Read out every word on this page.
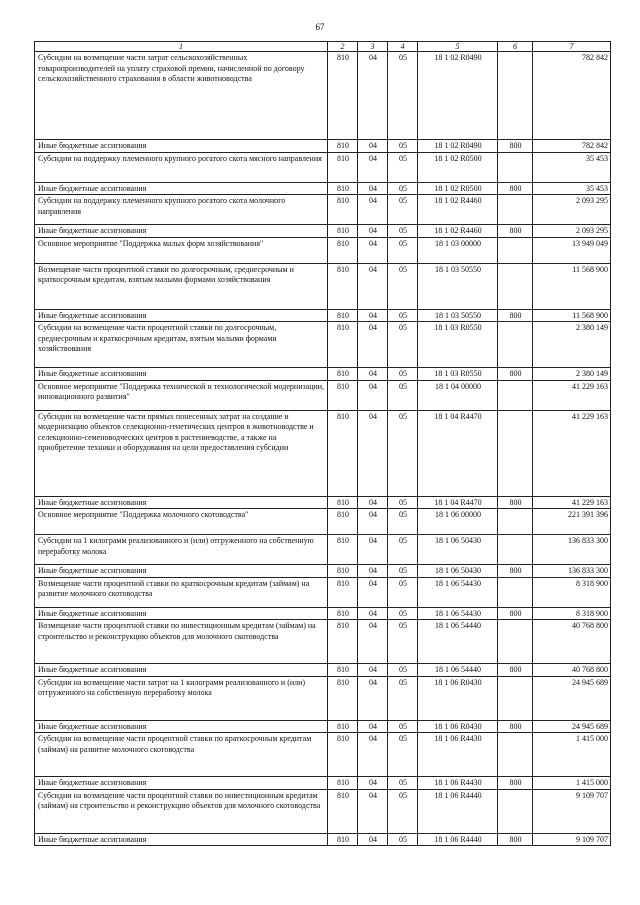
67
1	2	3	4	5	6	7
Субсидии на возмещение части затрат сельскохозяйственных товаропроизводителей на уплату страховой премии, начисленной по договору сельскохозяйственного страхования в области животноводства	810	04	05	18 1 02 R0490		782 842
Иные бюджетные ассигнования	810	04	05	18 1 02 R0490	800	782 842
Субсидии на поддержку племенного крупного рогатого скота мясного направления	810	04	05	18 1 02 R0500		35 453
Иные бюджетные ассигнования	810	04	05	18 1 02 R0500	800	35 453
Субсидии на поддержку племенного крупного рогатого скота молочного направления	810	04	05	18 1 02 R4460		2 093 295
Иные бюджетные ассигнования	810	04	05	18 1 02 R4460	800	2 093 295
Основное мероприятие "Поддержка малых форм хозяйствования"	810	04	05	18 1 03 00000		13 949 049
Возмещение части процентной ставки по долгосрочным, среднесрочным и краткосрочным кредитам, взятым малыми формами хозяйствования	810	04	05	18 1 03 50550		11 568 900
Иные бюджетные ассигнования	810	04	05	18 1 03 50550	800	11 568 900
Субсидии на возмещение части процентной ставки по долгосрочным, среднесрочным и краткосрочным кредитам, взятым малыми формами хозяйствования	810	04	05	18 1 03 R0550		2 380 149
Иные бюджетные ассигнования	810	04	05	18 1 03 R0550	800	2 380 149
Основное мероприятие "Поддержка технической и технологической модернизации, инновационного развития"	810	04	05	18 1 04 00000		41 229 163
Субсидии на возмещение части прямых понесенных затрат на создание и модернизацию объектов селекционно-генетических центров в животноводстве и селекционно-семеноводческих центров в растениеводстве, а также на приобретение техники и оборудования на цели предоставления субсидии	810	04	05	18 1 04 R4470		41 229 163
Иные бюджетные ассигнования	810	04	05	18 1 04 R4470	800	41 229 163
Основное мероприятие "Поддержка молочного скотоводства"	810	04	05	18 1 06 00000		221 391 396
Субсидии на 1 килограмм реализованного и (или) отгруженного на собственную переработку молока	810	04	05	18 1 06 50430		136 833 300
Иные бюджетные ассигнования	810	04	05	18 1 06 50430	800	136 833 300
Возмещение части процентной ставки по краткосрочным кредитам (займам) на развитие молочного скотоводства	810	04	05	18 1 06 54430		8 318 900
Иные бюджетные ассигнования	810	04	05	18 1 06 54430	800	8 318 900
Возмещение части процентной ставки по инвестиционным кредитам (займам) на строительство и реконструкцию объектов для молочного скотоводства	810	04	05	18 1 06 54440		40 768 800
Иные бюджетные ассигнования	810	04	05	18 1 06 54440	800	40 768 800
Субсидии на возмещение части затрат на 1 килограмм реализованного и (или) отгруженного на собственную переработку молока	810	04	05	18 1 06 R0430		24 945 689
Иные бюджетные ассигнования	810	04	05	18 1 06 R0430	800	24 945 689
Субсидии на возмещение части процентной ставки по краткосрочным кредитам (займам) на развитие молочного скотоводства	810	04	05	18 1 06 R4430		1 415 000
Иные бюджетные ассигнования	810	04	05	18 1 06 R4430	800	1 415 000
Субсидии на возмещение части процентной ставки по инвестиционным кредитам (займам) на строительство и реконструкцию объектов для молочного скотоводства	810	04	05	18 1 06 R4440		9 109 707
Иные бюджетные ассигнования	810	04	05	18 1 06 R4440	800	9 109 707
